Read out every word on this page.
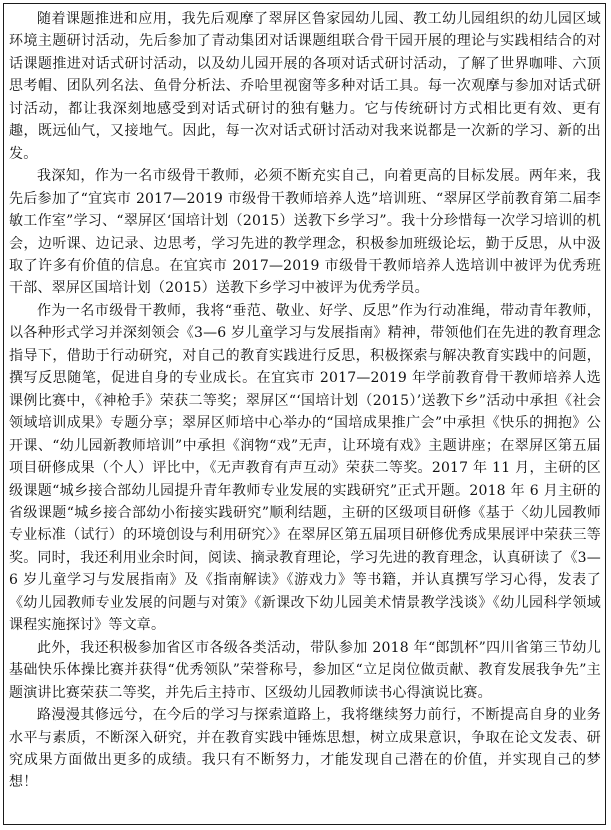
随着课题推进和应用，我先后观摩了翠屏区鲁家园幼儿园、教工幼儿园组织的幼儿园区域环境主题研讨活动，先后参加了青动集团对话课题组联合骨干园开展的理论与实践相结合的对话课题推进对话式研讨活动，以及幼儿园开展的各项对话式研讨活动，了解了世界咖啡、六顶思考帽、团队列名法、鱼骨分析法、乔哈里视窗等多种对话工具。每一次观摩与参加对话式研讨活动，都让我深刻地感受到对话式研讨的独有魅力。它与传统研讨方式相比更有效、更有趣，既远仙气，又接地气。因此，每一次对话式研讨活动对我来说都是一次新的学习、新的出发。

我深知，作为一名市级骨干教师，必须不断充实自己，向着更高的目标发展。两年来，我先后参加了“宜宾市 2017—2019 市级骨干教师培养人选”培训班、“翠屏区学前教育第二届李敏工作室”学习、“翠屏区‘国培计划（2015）送教下乡学习”。我十分珍惜每一次学习培训的机会，边听课、边记录、边思考，学习先进的教学理念，积极参加班级论坛，勤于反思，从中汲取了许多有价值的信息。在宜宾市 2017—2019 市级骨干教师培养人选培训中被评为优秀班干部、翠屏区国培计划（2015）送教下乡学习中被评为优秀学员。

作为一名市级骨干教师，我将“垂范、敬业、好学、反思”作为行动准绳，带动青年教师，以各种形式学习并深刻领会《3—6 岁儿童学习与发展指南》精神，带领他们在先进的教育理念指导下，借助于行动研究，对自己的教育实践进行反思，积极探索与解决教育实践中的问题，撰写反思随笔，促进自身的专业成长。在宜宾市 2017—2019 年学前教育骨干教师培养人选课例比赛中，《神枪手》荣获二等奖；翠屏区“‘国培计划（2015）’送教下乡”活动中承担《社会领域培训成果》专题分享；翠屏区师培中心举办的“国培成果推广会”中承担《快乐的拥抱》公开课、“幼儿园新教师培训”中承担《润物“戏”无声，让环境有戏》主题讲座；在翠屏区第五届项目研修成果（个人）评比中，《无声教育有声互动》荣获二等奖。2017 年 11 月，主研的区级课题“城乡接合部幼儿园提升青年教师专业发展的实践研究”正式开题。2018 年 6 月主研的省级课题“城乡接合部幼小衔接实践研究”顺利结题，主研的区级项目研修《基于〈幼儿园教师专业标准（试行）的环境创设与利用研究〉》在翠屏区第五届项目研修优秀成果展评中荣获三等奖。同时，我还利用业余时间，阅读、摘录教育理论，学习先进的教育理念，认真研读了《3—6 岁儿童学习与发展指南》及《指南解读》《游戏力》等书籍，并认真撰写学习心得，发表了《幼儿园教师专业发展的问题与对策》《新课改下幼儿园美术情景教学浅谈》《幼儿园科学领域课程实施探讨》等文章。

此外，我还积极参加省区市各级各类活动，带队参加 2018 年“郎凯杯”四川省第三节幼儿基础快乐体操比赛并获得“优秀领队”荣誉称号，参加区“立足岗位做贡献、教育发展我争先”主题演讲比赛荣获二等奖，并先后主持市、区级幼儿园教师读书心得演说比赛。

路漫漫其修远兮，在今后的学习与探索道路上，我将继续努力前行，不断提高自身的业务水平与素质，不断深入研究，并在教育实践中锤炼思想，树立成果意识，争取在论文发表、研究成果方面做出更多的成绩。我只有不断努力，才能发现自己潜在的价值，并实现自己的梦想！
